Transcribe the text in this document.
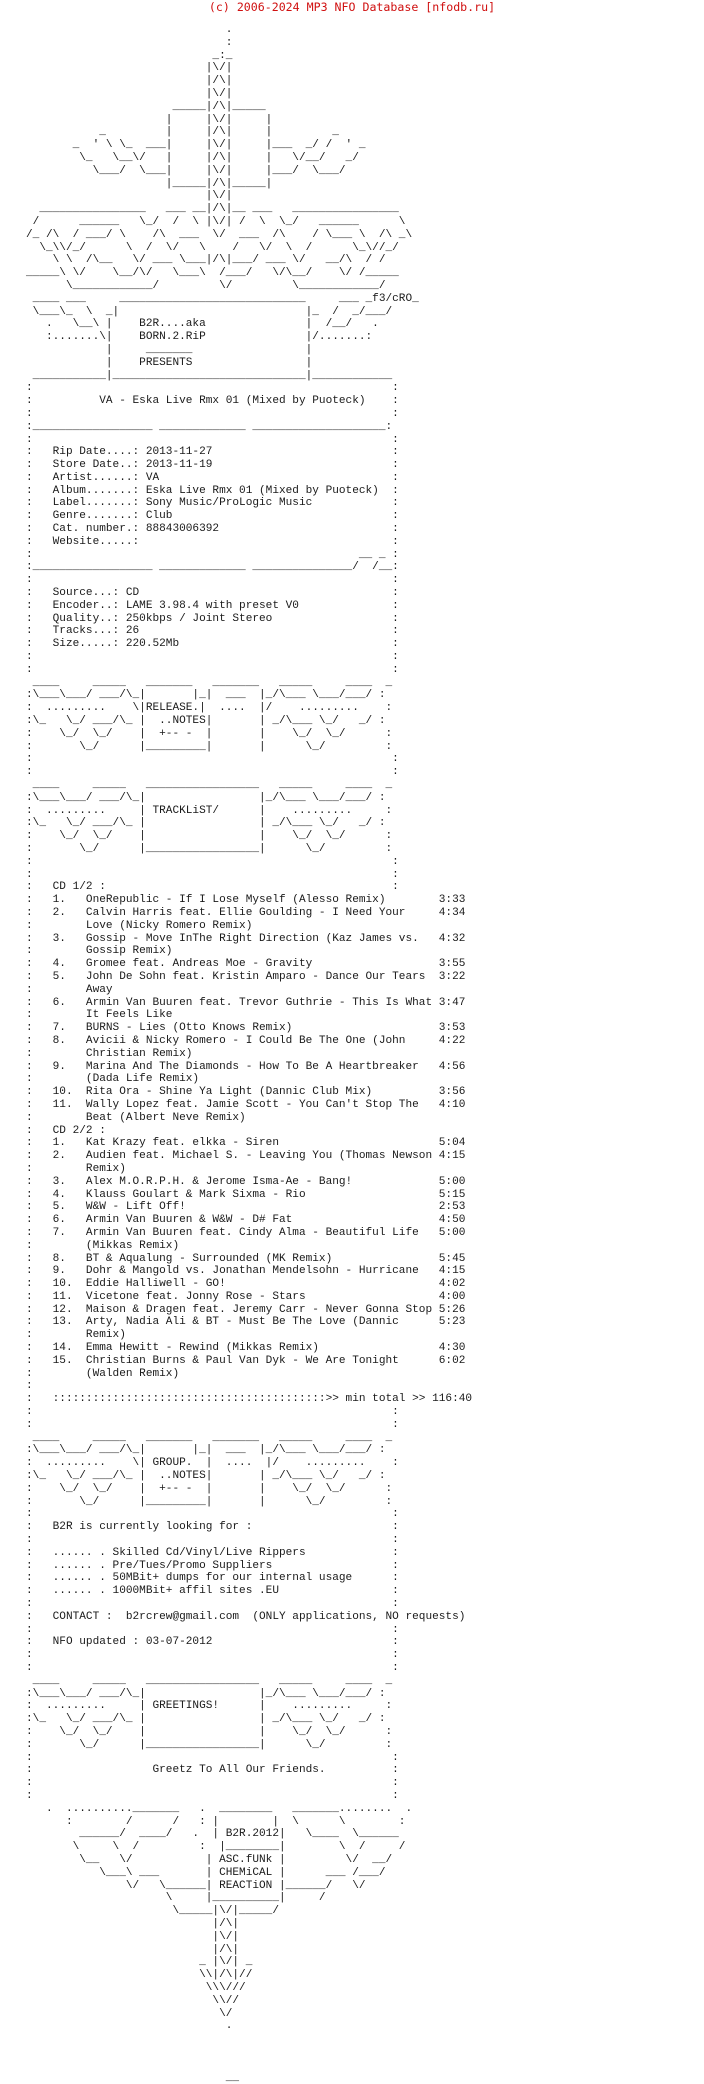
(c) 2006-2024 MP3 NFO Database [nfodb.ru]
.
:
_:_
|\/|
|/\|
|\/|
_____|/\|_____
|     |\/|     |
_         |     |/\|     |         _
_  ' \ \_  ___|     |\/|     |___  _/ /  ' _
\_   \__\/   |     |/\|     |   \/__/   _/
\___/  \___|     |\/|     |___/  \___/
|_____|/\|_____|
|\/|
________________   ___ __|/\|__ ___   ________________
/      ______   \_/  /  \ |\/| /  \  \_/   ______      \
/_ /\  / ___/ \    /\  ___  \/  ___  /\    / \___ \  /\ _\
\_\\/_/      \  /  \/   \    /   \/  \  /      \_\//_/
\ \  /\__   \/ ___ \___|/\|___/ ___ \/   __/\  / /
_____\ \/    \__/\/   \___\  /___/   \/\__/    \/ /_____
\____________/         \/         \____________/
____ ___     ____________________________     ___ _f3/cRO_
\___\_  \  _|                            |_  /  _/___/
.   \__\ |    B2R....aka               |  /__/   .
:.......\|    BORN.2.RiP               |/.......:
|     _______                 |
|    PRESENTS                 |
___________|_____________________________|____________
:                                                      :
:          VA - Eska Live Rmx 01 (Mixed by Puoteck)    :
:                                                      :
:__________________ _____________ ____________________:
:                                                      :
:   Rip Date....: 2013-11-27                           :
:   Store Date..: 2013-11-19                           :
:   Artist......: VA                                   :
:   Album.......: Eska Live Rmx 01 (Mixed by Puoteck)  :
:   Label.......: Sony Music/ProLogic Music            :
:   Genre.......: Club                                 :
:   Cat. number.: 88843006392                          :
:   Website.....:                                      :
:                                                 __ _ :
:__________________ _____________ _______________/  /__:
:                                                      :
:   Source...: CD                                      :
:   Encoder..: LAME 3.98.4 with preset V0              :
:   Quality..: 250kbps / Joint Stereo                  :
:   Tracks...: 26                                      :
:   Size.....: 220.52Mb                                :
:                                                      :
:                                                      :
____     _____   _______   _______   _____     ____  _
:\___\___/ ___/\_|       |_|  ___  |_/\___ \___/___/ :
:  .........    \|RELEASE.|  ....  |/    .........    :
:\_   \_/ ___/\_ |  ..NOTES|       | _/\___ \_/   _/ :
:    \_/  \_/    |  +-- -  |       |    \_/  \_/      :
:       \_/      |_________|       |      \_/         :
:                                                      :
:                                                      :
____     _____   _________________   _____     ____  _
:\___\___/ ___/\_|                 |_/\___ \___/___/ :
:  .........     | TRACKLiST/      |    .........     :
:\_   \_/ ___/\_ |                 | _/\___ \_/   _/ :
:    \_/  \_/    |                 |    \_/  \_/      :
:       \_/      |_________________|      \_/         :
:                                                      :
:                                                      :
:   CD 1/2 :                                           :
:   1.   OneRepublic - If I Lose Myself (Alesso Remix)        3:33
:   2.   Calvin Harris feat. Ellie Goulding - I Need Your     4:34
:        Love (Nicky Romero Remix)
:   3.   Gossip - Move InThe Right Direction (Kaz James vs.   4:32
:        Gossip Remix)
:   4.   Gromee feat. Andreas Moe - Gravity                   3:55
:   5.   John De Sohn feat. Kristin Amparo - Dance Our Tears  3:22
:        Away
:   6.   Armin Van Buuren feat. Trevor Guthrie - This Is What 3:47
:        It Feels Like
:   7.   BURNS - Lies (Otto Knows Remix)                      3:53
:   8.   Avicii & Nicky Romero - I Could Be The One (John     4:22
:        Christian Remix)
:   9.   Marina And The Diamonds - How To Be A Heartbreaker   4:56
:        (Dada Life Remix)
:   10.  Rita Ora - Shine Ya Light (Dannic Club Mix)          3:56
:   11.  Wally Lopez feat. Jamie Scott - You Can't Stop The   4:10
:        Beat (Albert Neve Remix)
:   CD 2/2 :
:   1.   Kat Krazy feat. elkka - Siren                        5:04
:   2.   Audien feat. Michael S. - Leaving You (Thomas Newson 4:15
:        Remix)
:   3.   Alex M.O.R.P.H. & Jerome Isma-Ae - Bang!             5:00
:   4.   Klauss Goulart & Mark Sixma - Rio                    5:15
:   5.   W&W - Lift Off!                                      2:53
:   6.   Armin Van Buuren & W&W - D# Fat                      4:50
:   7.   Armin Van Buuren feat. Cindy Alma - Beautiful Life   5:00
:        (Mikkas Remix)
:   8.   BT & Aqualung - Surrounded (MK Remix)                5:45
:   9.   Dohr & Mangold vs. Jonathan Mendelsohn - Hurricane   4:15
:   10.  Eddie Halliwell - GO!                                4:02
:   11.  Vicetone feat. Jonny Rose - Stars                    4:00
:   12.  Maison & Dragen feat. Jeremy Carr - Never Gonna Stop 5:26
:   13.  Arty, Nadia Ali & BT - Must Be The Love (Dannic      5:23
:        Remix)
:   14.  Emma Hewitt - Rewind (Mikkas Remix)                  4:30
:   15.  Christian Burns & Paul Van Dyk - We Are Tonight      6:02
:        (Walden Remix)
:
:   :::::::::::::::::::::::::::::::::::::::::>> min total >> 116:40
:                                                      :
:                                                      :
____     _____   _______   _______   _____     ____  _
:\___\___/ ___/\_|       |_|  ___  |_/\___ \___/___/ :
:  .........    \| GROUP.  |  ....  |/    .........    :
:\_   \_/ ___/\_ |  ..NOTES|       | _/\___ \_/   _/ :
:    \_/  \_/    |  +-- -  |       |    \_/  \_/      :
:       \_/      |_________|       |      \_/         :
:                                                      :
:   B2R is currently looking for :                     :
:                                                      :
:   ...... . Skilled Cd/Vinyl/Live Rippers             :
:   ...... . Pre/Tues/Promo Suppliers                  :
:   ...... . 50MBit+ dumps for our internal usage      :
:   ...... . 1000MBit+ affil sites .EU                 :
:                                                      :
:   CONTACT :  b2rcrew@gmail.com  (ONLY applications, NO requests)
:                                                      :
:   NFO updated : 03-07-2012                           :
:                                                      :
:                                                      :
____     _____   _________________   _____     ____  _
:\___\___/ ___/\_|                 |_/\___ \___/___/ :
:  .........     | GREETINGS!      |    .........     :
:\_   \_/ ___/\_ |                 | _/\___ \_/   _/ :
:    \_/  \_/    |                 |    \_/  \_/      :
:       \_/      |_________________|      \_/         :
:                                                      :
:                  Greetz To All Our Friends.          :
:                                                      :
:                                                      :
.  .........._______   .  ________   _______........  .
:        /      /   : |        |  \      \        :
______/  ____/   .  | B2R.2012|   \____  \______
\     \  /         :  |________|        \  /     /
\__   \/           | ASC.fUNk |         \/  __/
\___\ ___       | CHEMiCAL |      ___ /___/
\/   \______| REACTiON |______/   \/
\     |__________|     /
\_____|\/|_____/
|/\|
|\/|
|/\|
_ |\/| _
\\|/\|//
\\\///
\\//
\/
.
__
